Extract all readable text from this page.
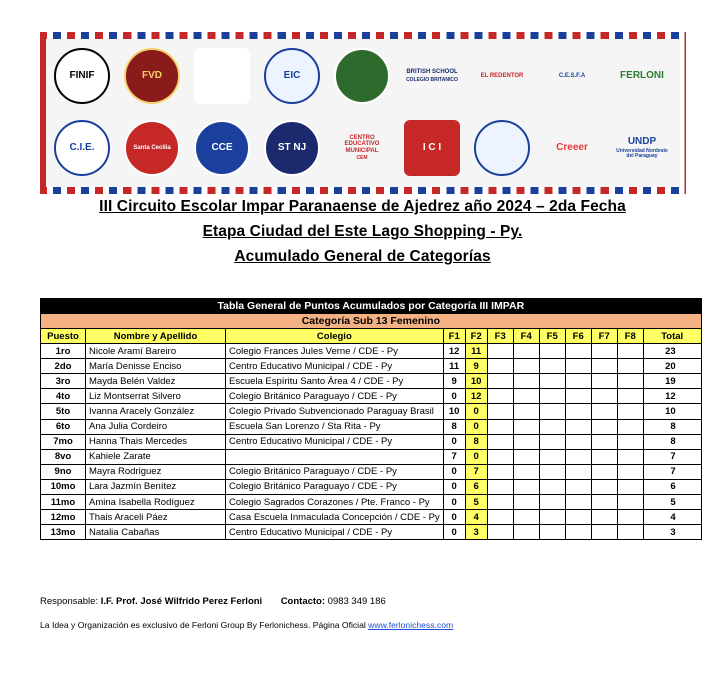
FINIF	FVD	EIC	BRITISH SCHOOL
COLEGIO BRITANICO
EL REDENTOR	C.E.S.F.A	FERLONI
C.I.E.	Santa Cecilia	CCE	ST NJ
CENTRO EDUCATIVO MUNICIPAL
CEM
I C I	Creeer
UNDP
Universidad Nordeste del Paraguay
III Circuito Escolar Impar Paranaense de Ajedrez año 2024 – 2da Fecha
Etapa Ciudad del Este Lago Shopping - Py.
Acumulado General de Categorías
Tabla General de Puntos Acumulados por Categoría III IMPAR											
Categoría Sub 13 Femenino											
Puesto	Nombre y Apellido	Colegio	F1	F2	F3	F4	F5	F6	F7	F8	Total
1ro	Nicole Aramí Bareiro	Colegio Frances Jules Verne / CDE - Py	12	11							23
2do	María Denisse Enciso	Centro Educativo Municipal / CDE - Py	11	9							20
3ro	Mayda Belén Valdez	Escuela Espíritu Santo Área 4 / CDE - Py	9	10							19
4to	Liz Montserrat Silvero	Colegio Británico Paraguayo / CDE - Py	0	12							12
5to	Ivanna Aracely González	Colegio Privado Subvencionado Paraguay Brasil	10	0							10
6to	Ana Julia Cordeiro	Escuela San Lorenzo / Sta Rita - Py	8	0							8
7mo	Hanna Thais Mercedes	Centro Educativo Municipal / CDE - Py	0	8							8
8vo	Kahiele Zarate		7	0							7
9no	Mayra Rodriguez	Colegio Británico Paraguayo / CDE - Py	0	7							7
10mo	Lara Jazmín Benítez	Colegio Británico Paraguayo / CDE - Py	0	6							6
11mo	Amina Isabella Rodíguez	Colegio Sagrados Corazones / Pte. Franco - Py	0	5							5
12mo	Thais Araceli Páez	Casa Escuela Inmaculada Concepción / CDE - Py	0	4							4
13mo	Natalia Cabañas	Centro Educativo Municipal / CDE - Py	0	3							3
Responsable: I.F. Prof. José Wilfrido Perez Ferloni Contacto: 0983 349 186
La Idea y Organización es exclusivo de Ferloni Group By Ferlonichess. Página Oficial www.ferlonichess.com
